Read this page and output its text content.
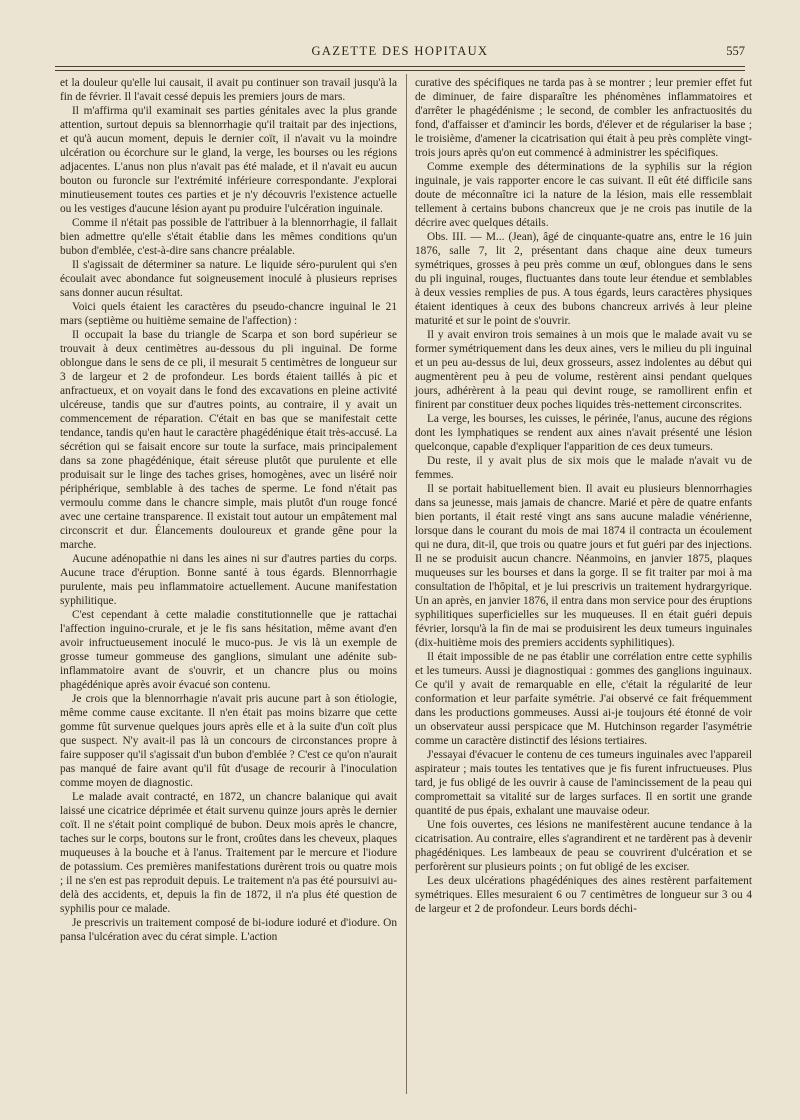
GAZETTE DES HOPITAUX	557

et la douleur qu'elle lui causait, il avait pu continuer son travail jusqu'à la fin de février. Il l'avait cessé depuis les premiers jours de mars.

Il m'affirma qu'il examinait ses parties génitales avec la plus grande attention, surtout depuis sa blennorrhagie qu'il traitait par des injections, et qu'à aucun moment, depuis le dernier coït, il n'avait vu la moindre ulcération ou écorchure sur le gland, la verge, les bourses ou les régions adjacentes. L'anus non plus n'avait pas été malade, et il n'avait eu aucun bouton ou furoncle sur l'extrémité inférieure correspondante. J'explorai minutieusement toutes ces parties et je n'y découvris l'existence actuelle ou les vestiges d'aucune lésion ayant pu produire l'ulcération inguinale.

Comme il n'était pas possible de l'attribuer à la blennorrhagie, il fallait bien admettre qu'elle s'était établie dans les mêmes conditions qu'un bubon d'emblée, c'est-à-dire sans chancre préalable.

Il s'agissait de déterminer sa nature. Le liquide séro-purulent qui s'en écoulait avec abondance fut soigneusement inoculé à plusieurs reprises sans donner aucun résultat.

Voici quels étaient les caractères du pseudo-chancre inguinal le 21 mars (septième ou huitième semaine de l'affection) :

Il occupait la base du triangle de Scarpa et son bord supérieur se trouvait à deux centimètres au-dessous du pli inguinal. De forme oblongue dans le sens de ce pli, il mesurait 5 centimètres de longueur sur 3 de largeur et 2 de profondeur. Les bords étaient taillés à pic et anfractueux, et on voyait dans le fond des excavations en pleine activité ulcéreuse, tandis que sur d'autres points, au contraire, il y avait un commencement de réparation. C'était en bas que se manifestait cette tendance, tandis qu'en haut le caractère phagédénique était très-accusé. La sécrétion qui se faisait encore sur toute la surface, mais principalement dans sa zone phagédénique, était séreuse plutôt que purulente et elle produisait sur le linge des taches grises, homogènes, avec un liséré noir périphérique, semblable à des taches de sperme. Le fond n'était pas vermoulu comme dans le chancre simple, mais plutôt d'un rouge foncé avec une certaine transparence. Il existait tout autour un empâtement mal circonscrit et dur. Élancements douloureux et grande gêne pour la marche.

Aucune adénopathie ni dans les aines ni sur d'autres parties du corps. Aucune trace d'éruption. Bonne santé à tous égards. Blennorrhagie purulente, mais peu inflammatoire actuellement. Aucune manifestation syphilitique.

C'est cependant à cette maladie constitutionnelle que je rattachai l'affection inguino-crurale, et je le fis sans hésitation, même avant d'en avoir infructueusement inoculé le muco-pus. Je vis là un exemple de grosse tumeur gommeuse des ganglions, simulant une adénite sub-inflammatoire avant de s'ouvrir, et un chancre plus ou moins phagédénique après avoir évacué son contenu.

Je crois que la blennorrhagie n'avait pris aucune part à son étiologie, même comme cause excitante. Il n'en était pas moins bizarre que cette gomme fût survenue quelques jours après elle et à la suite d'un coït plus que suspect. N'y avait-il pas là un concours de circonstances propre à faire supposer qu'il s'agissait d'un bubon d'emblée ? C'est ce qu'on n'aurait pas manqué de faire avant qu'il fût d'usage de recourir à l'inoculation comme moyen de diagnostic.

Le malade avait contracté, en 1872, un chancre balanique qui avait laissé une cicatrice déprimée et était survenu quinze jours après le dernier coït. Il ne s'était point compliqué de bubon. Deux mois après le chancre, taches sur le corps, boutons sur le front, croûtes dans les cheveux, plaques muqueuses à la bouche et à l'anus. Traitement par le mercure et l'iodure de potassium. Ces premières manifestations durèrent trois ou quatre mois ; il ne s'en est pas reproduit depuis. Le traitement n'a pas été poursuivi au-delà des accidents, et, depuis la fin de 1872, il n'a plus été question de syphilis pour ce malade.

Je prescrivis un traitement composé de bi-iodure ioduré et d'iodure. On pansa l'ulcération avec du cérat simple. L'action

curative des spécifiques ne tarda pas à se montrer ; leur premier effet fut de diminuer, de faire disparaître les phénomènes inflammatoires et d'arrêter le phagédénisme ; le second, de combler les anfractuosités du fond, d'affaisser et d'amincir les bords, d'élever et de régulariser la base ; le troisième, d'amener la cicatrisation qui était à peu près complète vingt-trois jours après qu'on eut commencé à administrer les spécifiques.

Comme exemple des déterminations de la syphilis sur la région inguinale, je vais rapporter encore le cas suivant. Il eût été difficile sans doute de méconnaître ici la nature de la lésion, mais elle ressemblait tellement à certains bubons chancreux que je ne crois pas inutile de la décrire avec quelques détails.

Obs. III. — M... (Jean), âgé de cinquante-quatre ans, entre le 16 juin 1876, salle 7, lit 2, présentant dans chaque aine deux tumeurs symétriques, grosses à peu près comme un œuf, oblongues dans le sens du pli inguinal, rouges, fluctuantes dans toute leur étendue et semblables à deux vessies remplies de pus. A tous égards, leurs caractères physiques étaient identiques à ceux des bubons chancreux arrivés à leur pleine maturité et sur le point de s'ouvrir.

Il y avait environ trois semaines à un mois que le malade avait vu se former symétriquement dans les deux aines, vers le milieu du pli inguinal et un peu au-dessus de lui, deux grosseurs, assez indolentes au début qui augmentèrent peu à peu de volume, restèrent ainsi pendant quelques jours, adhérèrent à la peau qui devint rouge, se ramollirent enfin et finirent par constituer deux poches liquides très-nettement circonscrites.

La verge, les bourses, les cuisses, le périnée, l'anus, aucune des régions dont les lymphatiques se rendent aux aines n'avait présenté une lésion quelconque, capable d'expliquer l'apparition de ces deux tumeurs.

Du reste, il y avait plus de six mois que le malade n'avait vu de femmes.

Il se portait habituellement bien. Il avait eu plusieurs blennorrhagies dans sa jeunesse, mais jamais de chancre. Marié et père de quatre enfants bien portants, il était resté vingt ans sans aucune maladie vénérienne, lorsque dans le courant du mois de mai 1874 il contracta un écoulement qui ne dura, dit-il, que trois ou quatre jours et fut guéri par des injections. Il ne se produisit aucun chancre. Néanmoins, en janvier 1875, plaques muqueuses sur les bourses et dans la gorge. Il se fit traiter par moi à ma consultation de l'hôpital, et je lui prescrivis un traitement hydrargyrique. Un an après, en janvier 1876, il entra dans mon service pour des éruptions syphilitiques superficielles sur les muqueuses. Il en était guéri depuis février, lorsqu'à la fin de mai se produisirent les deux tumeurs inguinales (dix-huitième mois des premiers accidents syphilitiques).

Il était impossible de ne pas établir une corrélation entre cette syphilis et les tumeurs. Aussi je diagnostiquai : gommes des ganglions inguinaux. Ce qu'il y avait de remarquable en elle, c'était la régularité de leur conformation et leur parfaite symétrie. J'ai observé ce fait fréquemment dans les productions gommeuses. Aussi ai-je toujours été étonné de voir un observateur aussi perspicace que M. Hutchinson regarder l'asymétrie comme un caractère distinctif des lésions tertiaires.

J'essayai d'évacuer le contenu de ces tumeurs inguinales avec l'appareil aspirateur ; mais toutes les tentatives que je fis furent infructueuses. Plus tard, je fus obligé de les ouvrir à cause de l'amincissement de la peau qui compromettait sa vitalité sur de larges surfaces. Il en sortit une grande quantité de pus épais, exhalant une mauvaise odeur.

Une fois ouvertes, ces lésions ne manifestèrent aucune tendance à la cicatrisation. Au contraire, elles s'agrandirent et ne tardèrent pas à devenir phagédéniques. Les lambeaux de peau se couvrirent d'ulcération et se perforèrent sur plusieurs points ; on fut obligé de les exciser.

Les deux ulcérations phagédéniques des aines restèrent parfaitement symétriques. Elles mesuraient 6 ou 7 centimètres de longueur sur 3 ou 4 de largeur et 2 de profondeur. Leurs bords déchi-
